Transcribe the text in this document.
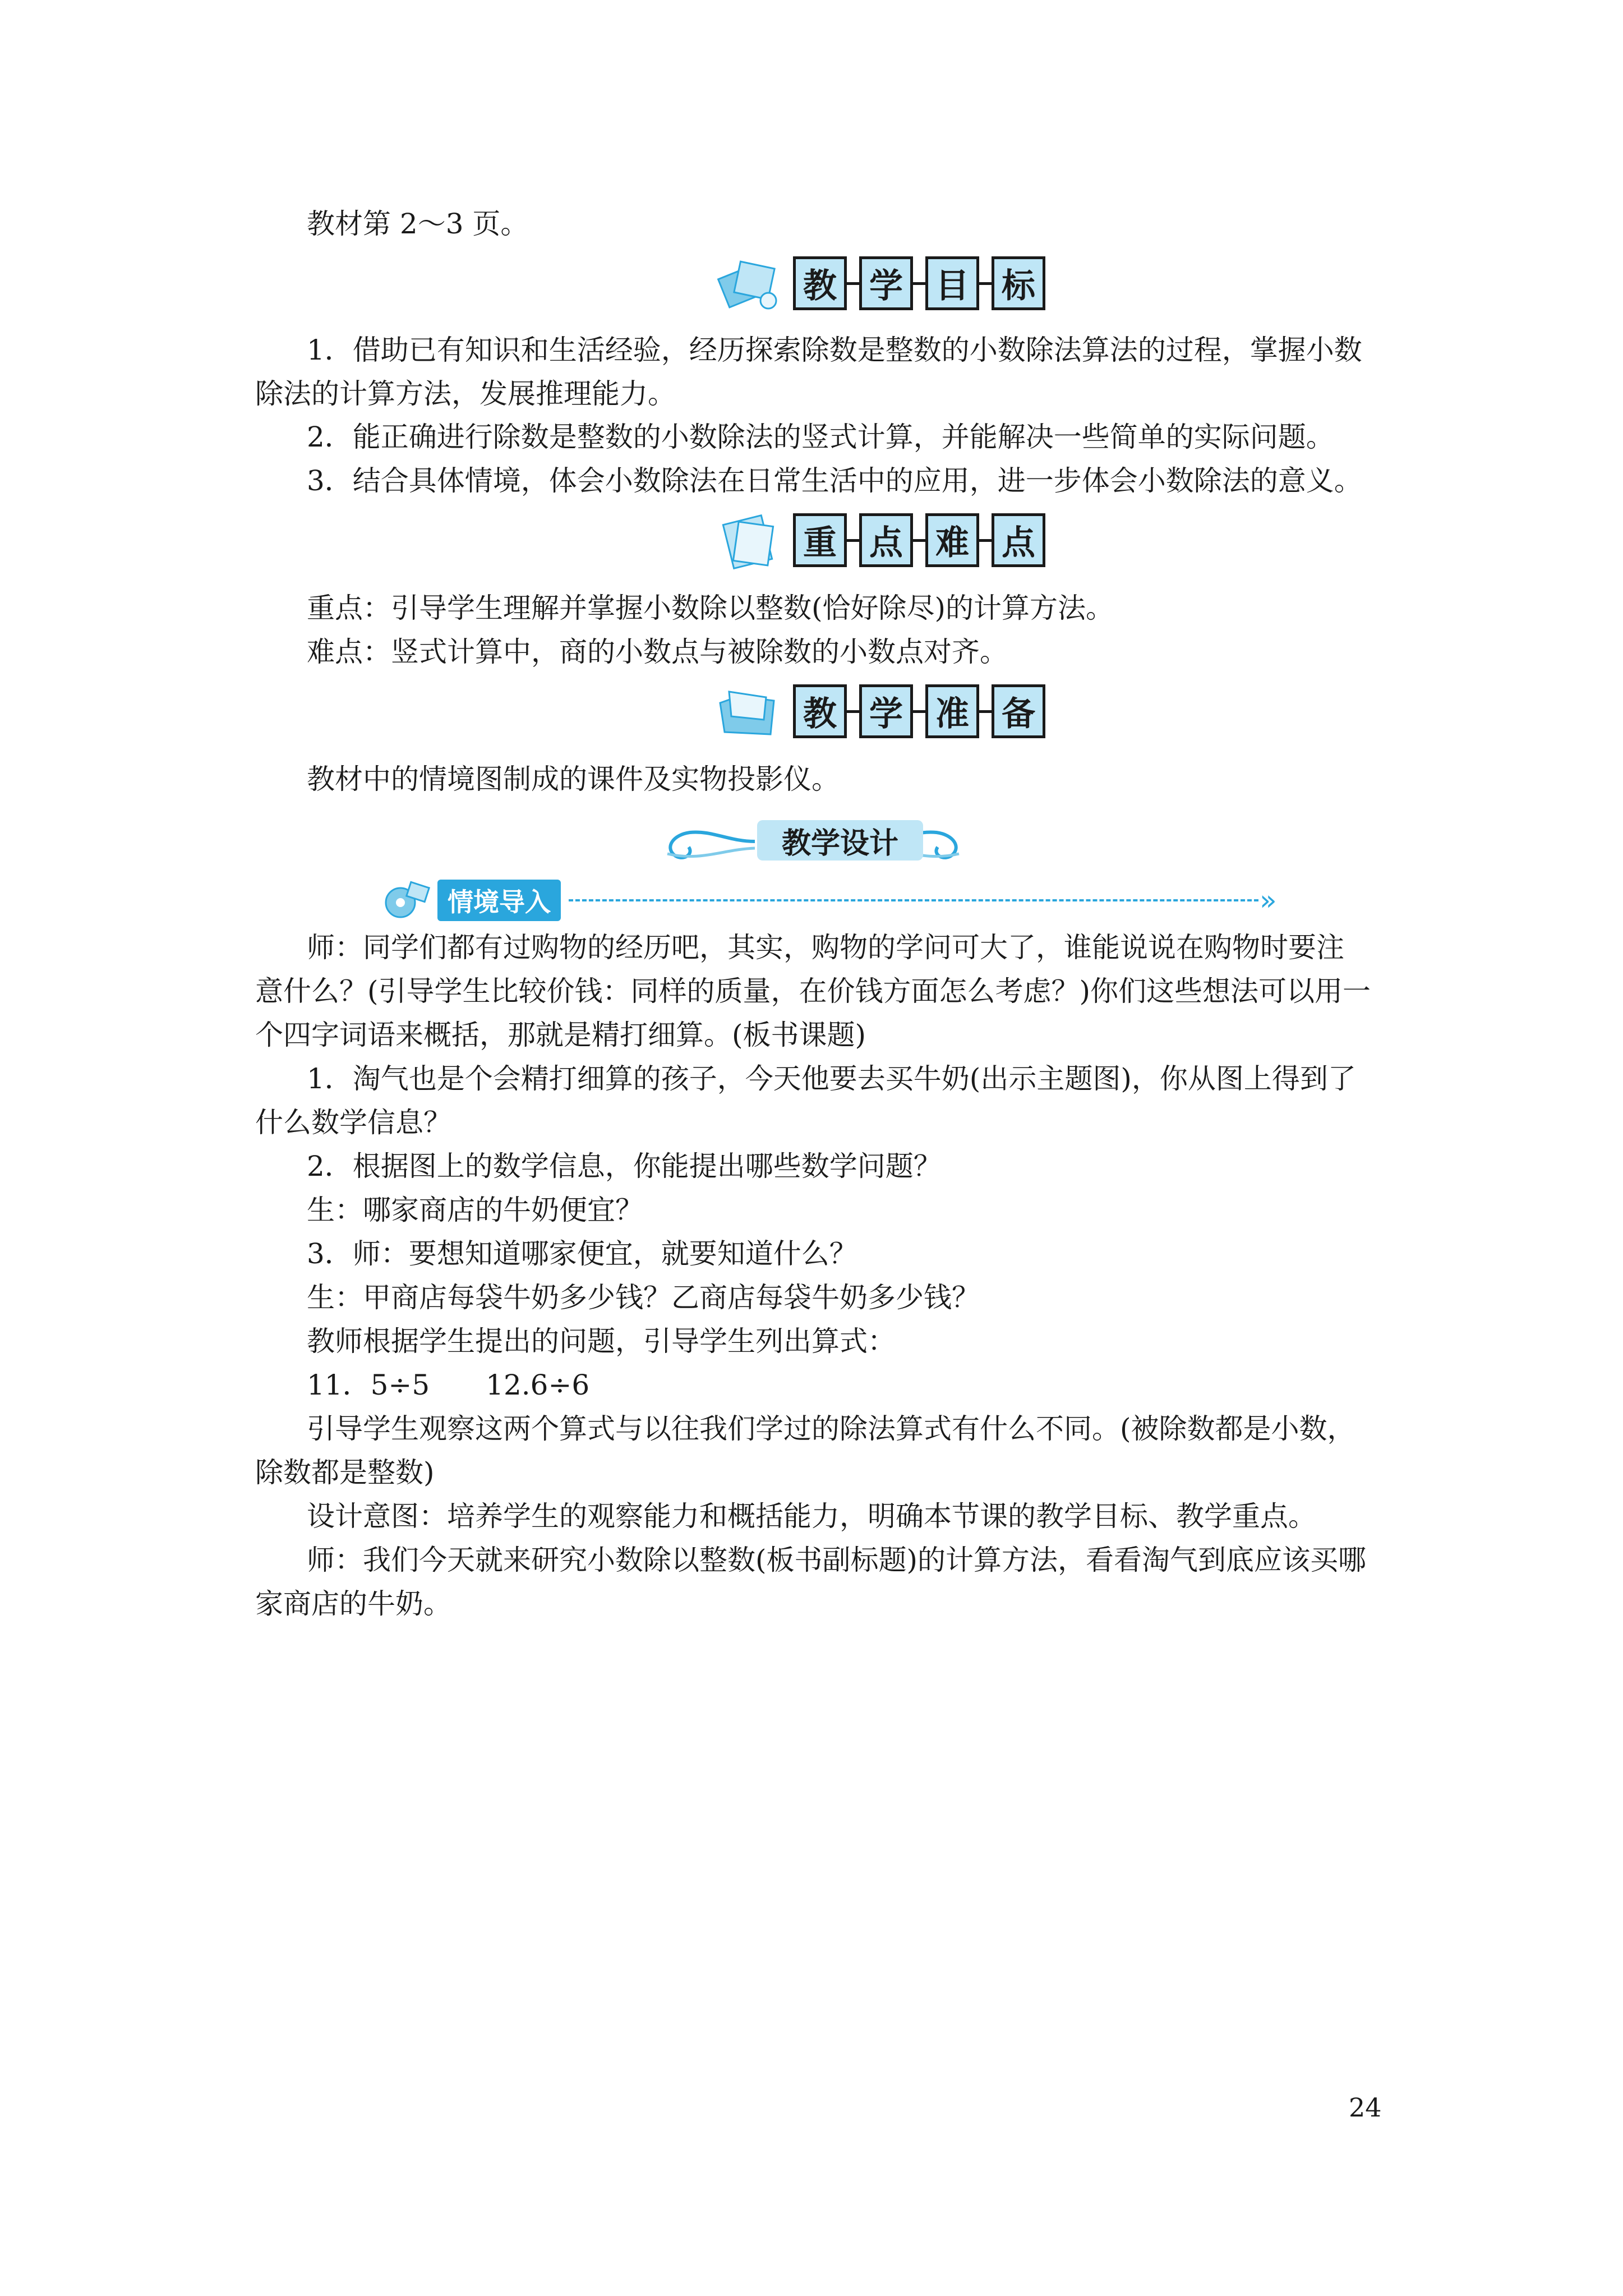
教材第 2～3 页。

教 学 目 标

1．借助已有知识和生活经验，经历探索除数是整数的小数除法算法的过程，掌握小数除法的计算方法，发展推理能力。

2．能正确进行除数是整数的小数除法的竖式计算，并能解决一些简单的实际问题。

3．结合具体情境，体会小数除法在日常生活中的应用，进一步体会小数除法的意义。

重 点 难 点

重点：引导学生理解并掌握小数除以整数(恰好除尽)的计算方法。

难点：竖式计算中，商的小数点与被除数的小数点对齐。

教 学 准 备

教材中的情境图制成的课件及实物投影仪。

教学设计
情境导入	»

师：同学们都有过购物的经历吧，其实，购物的学问可大了，谁能说说在购物时要注意什么？(引导学生比较价钱：同样的质量，在价钱方面怎么考虑？)你们这些想法可以用一个四字词语来概括，那就是精打细算。(板书课题)

1．淘气也是个会精打细算的孩子，今天他要去买牛奶(出示主题图)，你从图上得到了什么数学信息？

2．根据图上的数学信息，你能提出哪些数学问题？

生：哪家商店的牛奶便宜？

3．师：要想知道哪家便宜，就要知道什么？

生：甲商店每袋牛奶多少钱？乙商店每袋牛奶多少钱？

教师根据学生提出的问题，引导学生列出算式：

11．5÷5　　12.6÷6

引导学生观察这两个算式与以往我们学过的除法算式有什么不同。(被除数都是小数，除数都是整数)

设计意图：培养学生的观察能力和概括能力，明确本节课的教学目标、教学重点。

师：我们今天就来研究小数除以整数(板书副标题)的计算方法，看看淘气到底应该买哪家商店的牛奶。

24
